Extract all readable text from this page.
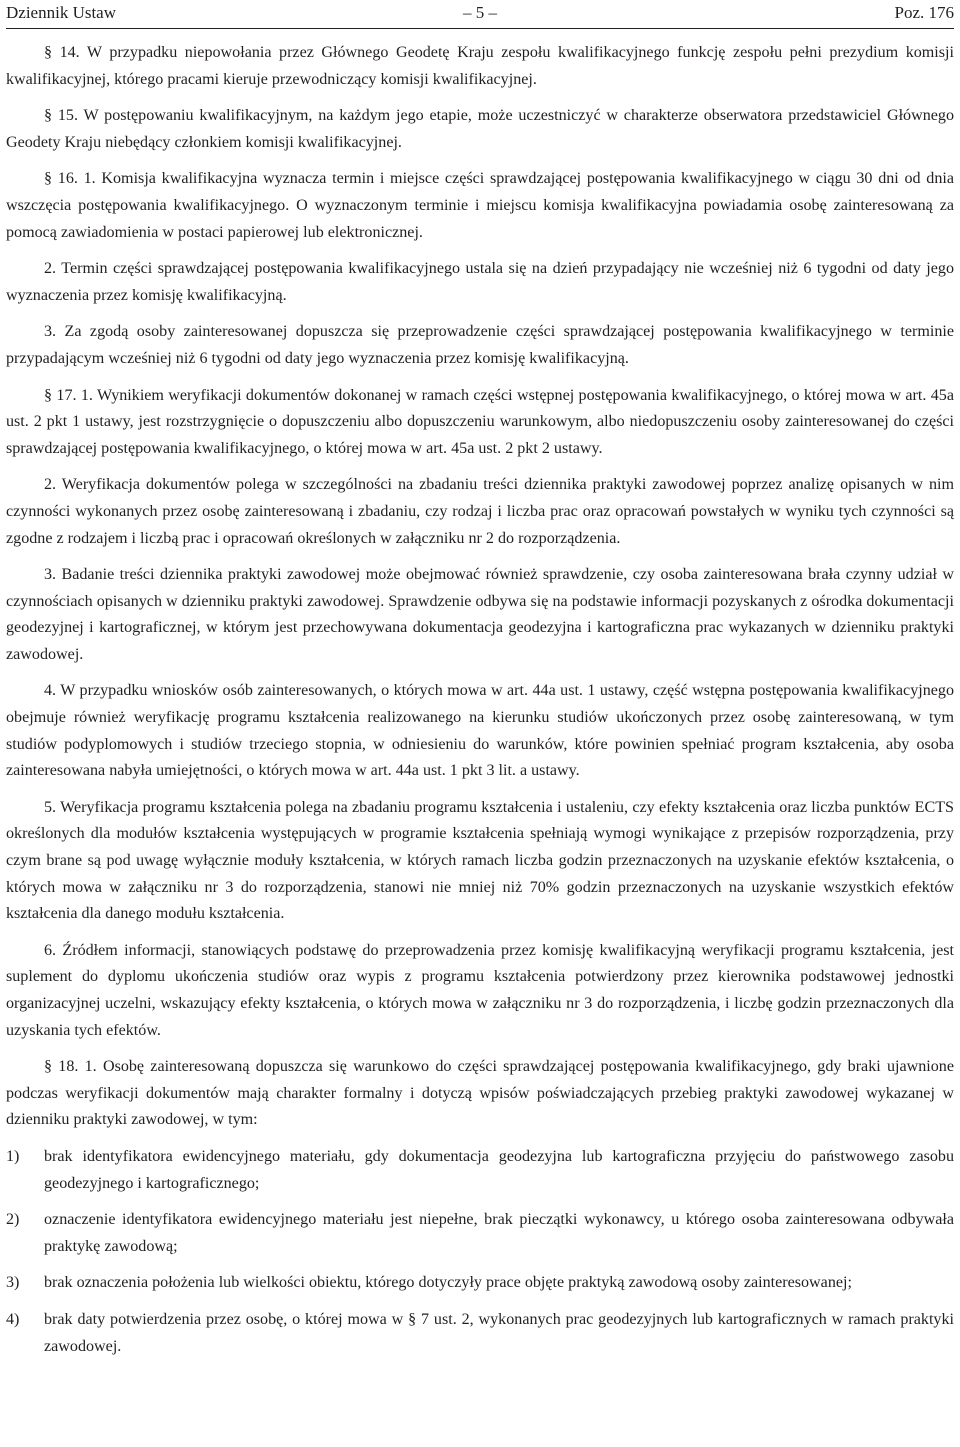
Dziennik Ustaw	– 5 –	Poz. 176

§ 14. W przypadku niepowołania przez Głównego Geodetę Kraju zespołu kwalifikacyjnego funkcję zespołu pełni prezydium komisji kwalifikacyjnej, którego pracami kieruje przewodniczący komisji kwalifikacyjnej.

§ 15. W postępowaniu kwalifikacyjnym, na każdym jego etapie, może uczestniczyć w charakterze obserwatora przedstawiciel Głównego Geodety Kraju niebędący członkiem komisji kwalifikacyjnej.

§ 16. 1. Komisja kwalifikacyjna wyznacza termin i miejsce części sprawdzającej postępowania kwalifikacyjnego w ciągu 30 dni od dnia wszczęcia postępowania kwalifikacyjnego. O wyznaczonym terminie i miejscu komisja kwalifikacyjna powiadamia osobę zainteresowaną za pomocą zawiadomienia w postaci papierowej lub elektronicznej.

2. Termin części sprawdzającej postępowania kwalifikacyjnego ustala się na dzień przypadający nie wcześniej niż 6 tygodni od daty jego wyznaczenia przez komisję kwalifikacyjną.

3. Za zgodą osoby zainteresowanej dopuszcza się przeprowadzenie części sprawdzającej postępowania kwalifikacyjnego w terminie przypadającym wcześniej niż 6 tygodni od daty jego wyznaczenia przez komisję kwalifikacyjną.

§ 17. 1. Wynikiem weryfikacji dokumentów dokonanej w ramach części wstępnej postępowania kwalifikacyjnego, o której mowa w art. 45a ust. 2 pkt 1 ustawy, jest rozstrzygnięcie o dopuszczeniu albo dopuszczeniu warunkowym, albo niedopuszczeniu osoby zainteresowanej do części sprawdzającej postępowania kwalifikacyjnego, o której mowa w art. 45a ust. 2 pkt 2 ustawy.

2. Weryfikacja dokumentów polega w szczególności na zbadaniu treści dziennika praktyki zawodowej poprzez analizę opisanych w nim czynności wykonanych przez osobę zainteresowaną i zbadaniu, czy rodzaj i liczba prac oraz opracowań powstałych w wyniku tych czynności są zgodne z rodzajem i liczbą prac i opracowań określonych w załączniku nr 2 do rozporządzenia.

3. Badanie treści dziennika praktyki zawodowej może obejmować również sprawdzenie, czy osoba zainteresowana brała czynny udział w czynnościach opisanych w dzienniku praktyki zawodowej. Sprawdzenie odbywa się na podstawie informacji pozyskanych z ośrodka dokumentacji geodezyjnej i kartograficznej, w którym jest przechowywana dokumentacja geodezyjna i kartograficzna prac wykazanych w dzienniku praktyki zawodowej.

4. W przypadku wniosków osób zainteresowanych, o których mowa w art. 44a ust. 1 ustawy, część wstępna postępowania kwalifikacyjnego obejmuje również weryfikację programu kształcenia realizowanego na kierunku studiów ukończonych przez osobę zainteresowaną, w tym studiów podyplomowych i studiów trzeciego stopnia, w odniesieniu do warunków, które powinien spełniać program kształcenia, aby osoba zainteresowana nabyła umiejętności, o których mowa w art. 44a ust. 1 pkt 3 lit. a ustawy.

5. Weryfikacja programu kształcenia polega na zbadaniu programu kształcenia i ustaleniu, czy efekty kształcenia oraz liczba punktów ECTS określonych dla modułów kształcenia występujących w programie kształcenia spełniają wymogi wynikające z przepisów rozporządzenia, przy czym brane są pod uwagę wyłącznie moduły kształcenia, w których ramach liczba godzin przeznaczonych na uzyskanie efektów kształcenia, o których mowa w załączniku nr 3 do rozporządzenia, stanowi nie mniej niż 70% godzin przeznaczonych na uzyskanie wszystkich efektów kształcenia dla danego modułu kształcenia.

6. Źródłem informacji, stanowiących podstawę do przeprowadzenia przez komisję kwalifikacyjną weryfikacji programu kształcenia, jest suplement do dyplomu ukończenia studiów oraz wypis z programu kształcenia potwierdzony przez kierownika podstawowej jednostki organizacyjnej uczelni, wskazujący efekty kształcenia, o których mowa w załączniku nr 3 do rozporządzenia, i liczbę godzin przeznaczonych dla uzyskania tych efektów.

§ 18. 1. Osobę zainteresowaną dopuszcza się warunkowo do części sprawdzającej postępowania kwalifikacyjnego, gdy braki ujawnione podczas weryfikacji dokumentów mają charakter formalny i dotyczą wpisów poświadczających przebieg praktyki zawodowej wykazanej w dzienniku praktyki zawodowej, w tym:

1) brak identyfikatora ewidencyjnego materiału, gdy dokumentacja geodezyjna lub kartograficzna przyjęciu do państwowego zasobu geodezyjnego i kartograficznego;
2) oznaczenie identyfikatora ewidencyjnego materiału jest niepełne, brak pieczątki wykonawcy, u którego osoba zainteresowana odbywała praktykę zawodową;
3) brak oznaczenia położenia lub wielkości obiektu, którego dotyczyły prace objęte praktyką zawodową osoby zainteresowanej;
4) brak daty potwierdzenia przez osobę, o której mowa w § 7 ust. 2, wykonanych prac geodezyjnych lub kartograficznych w ramach praktyki zawodowej.
